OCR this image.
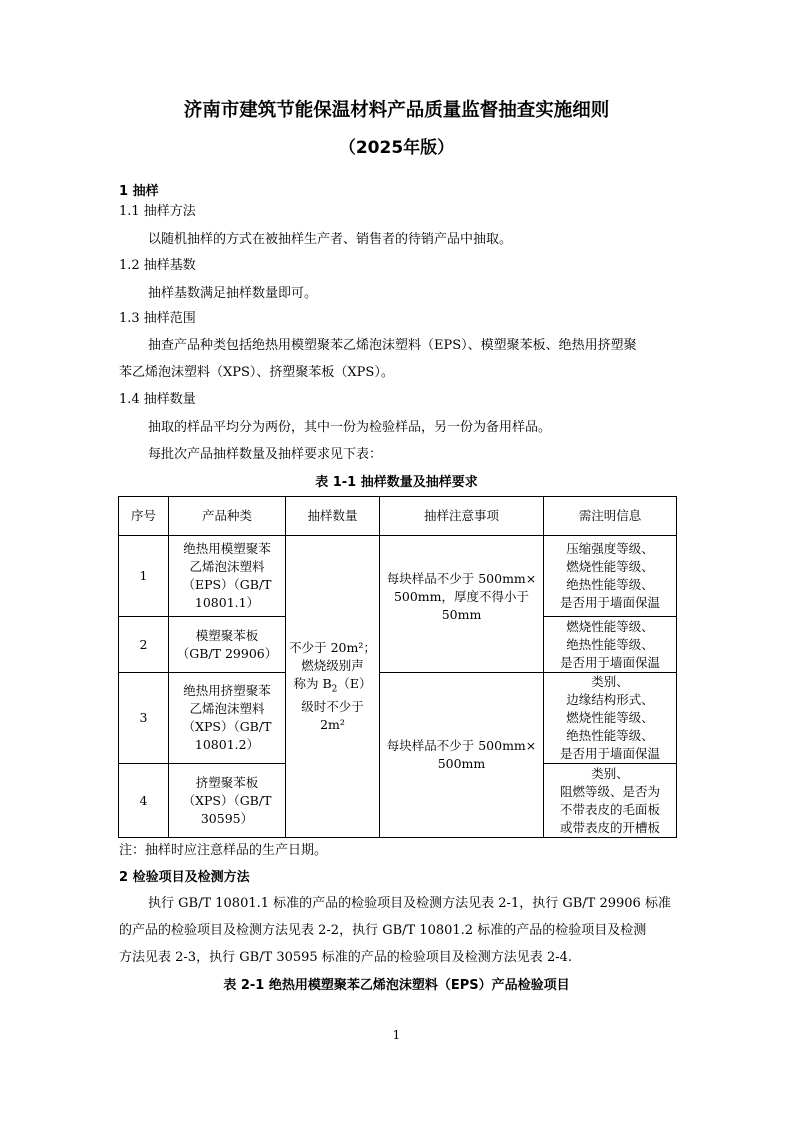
济南市建筑节能保温材料产品质量监督抽查实施细则
（2025年版）
1 抽样
1.1 抽样方法
以随机抽样的方式在被抽样生产者、销售者的待销产品中抽取。
1.2 抽样基数
抽样基数满足抽样数量即可。
1.3 抽样范围
抽查产品种类包括绝热用模塑聚苯乙烯泡沫塑料（EPS）、模塑聚苯板、绝热用挤塑聚
苯乙烯泡沫塑料（XPS）、挤塑聚苯板（XPS）。
1.4 抽样数量
抽取的样品平均分为两份，其中一份为检验样品，另一份为备用样品。
每批次产品抽样数量及抽样要求见下表：
表 1-1 抽样数量及抽样要求
序号	产品种类	抽样数量	抽样注意事项	需注明信息
1	绝热用模塑聚苯
乙烯泡沫塑料
（EPS）（GB/T
10801.1）	不少于 20m²；
燃烧级别声
称为 $B_2(E)$
级时不少于
2m²	每块样品不少于 500mm×
500mm，厚度不得小于
50mm	压缩强度等级、
燃烧性能等级、
绝热性能等级、
是否用于墙面保温

2	模塑聚苯板
（GB/T 29906）			燃烧性能等级、
绝热性能等级、
是否用于墙面保温

3	绝热用挤塑聚苯
乙烯泡沫塑料
（XPS）（GB/T
10801.2）		每块样品不少于 500mm×
500mm	类别、
边缘结构形式、
燃烧性能等级、
绝热性能等级、
是否用于墙面保温

4	挤塑聚苯板
（XPS）（GB/T
30595）			类别、
阻燃等级、是否为
不带表皮的毛面板
或带表皮的开槽板
注：抽样时应注意样品的生产日期。
2 检验项目及检测方法
执行 GB/T 10801.1 标准的产品的检验项目及检测方法见表 2-1，执行 GB/T 29906 标准
的产品的检验项目及检测方法见表 2-2，执行 GB/T 10801.2 标准的产品的检验项目及检测
方法见表 2-3，执行 GB/T 30595 标准的产品的检验项目及检测方法见表 2-4.
表 2-1 绝热用模塑聚苯乙烯泡沫塑料（EPS）产品检验项目
1
